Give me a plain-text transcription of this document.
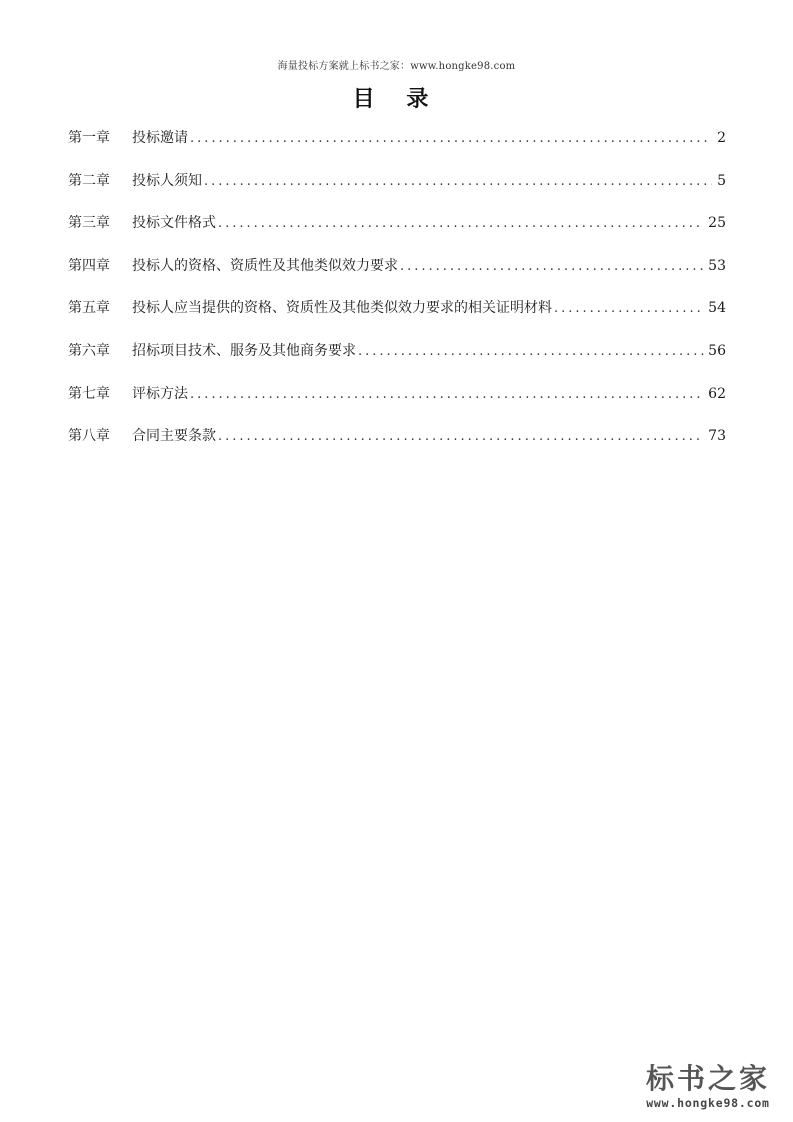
海量投标方案就上标书之家：www.hongke98.com
目 录
第一章	投标邀请 .....	2
第二章	投标人须知 .....	5
第三章	投标文件格式 .....	25
第四章	投标人的资格、资质性及其他类似效力要求 .....	53
第五章	投标人应当提供的资格、资质性及其他类似效力要求的相关证明材料 .....	54
第六章	招标项目技术、服务及其他商务要求 .....	56
第七章	评标方法 .....	62
第八章	合同主要条款 .....	73
标书之家
www.hongke98.com
